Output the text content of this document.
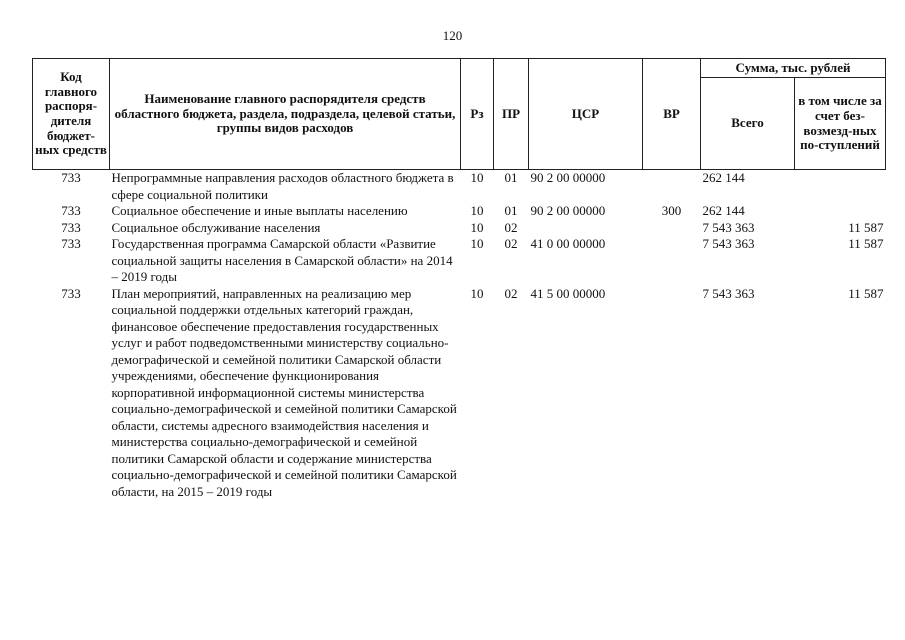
120
Код главного распоря-дителя бюджет-ных средств	Наименование главного распорядителя средств областного бюджета, раздела, подраздела, целевой статьи, группы видов расходов	Рз	ПР	ЦСР	ВР	Сумма, тыс. рублей	
						Всего	в том числе за счет без-возмезд-ных по-ступлений
733	Непрограммные направления расходов областного бюджета в сфере социальной политики	10	01	90 2 00 00000		262 144	
733	Социальное обеспечение и иные выплаты населению	10	01	90 2 00 00000	300	262 144	
733	Социальное обслуживание населения	10	02			7 543 363	11 587
733	Государственная программа Самарской области «Развитие социальной защиты населения в Самарской области» на 2014 – 2019 годы	10	02	41 0 00 00000		7 543 363	11 587
733	План мероприятий, направленных на реализацию мер социальной поддержки отдельных категорий граждан, финансовое обеспечение предоставления государственных услуг и работ подведомственными министерству социально-демографической и семейной политики Самарской области учреждениями, обеспечение функционирования корпоративной информационной системы министерства социально-демографической и семейной политики Самарской области, системы адресного взаимодействия населения и министерства социально-демографической и семейной политики Самарской области и содержание министерства социально-демографической и семейной политики Самарской области, на 2015 – 2019 годы	10	02	41 5 00 00000		7 543 363	11 587
